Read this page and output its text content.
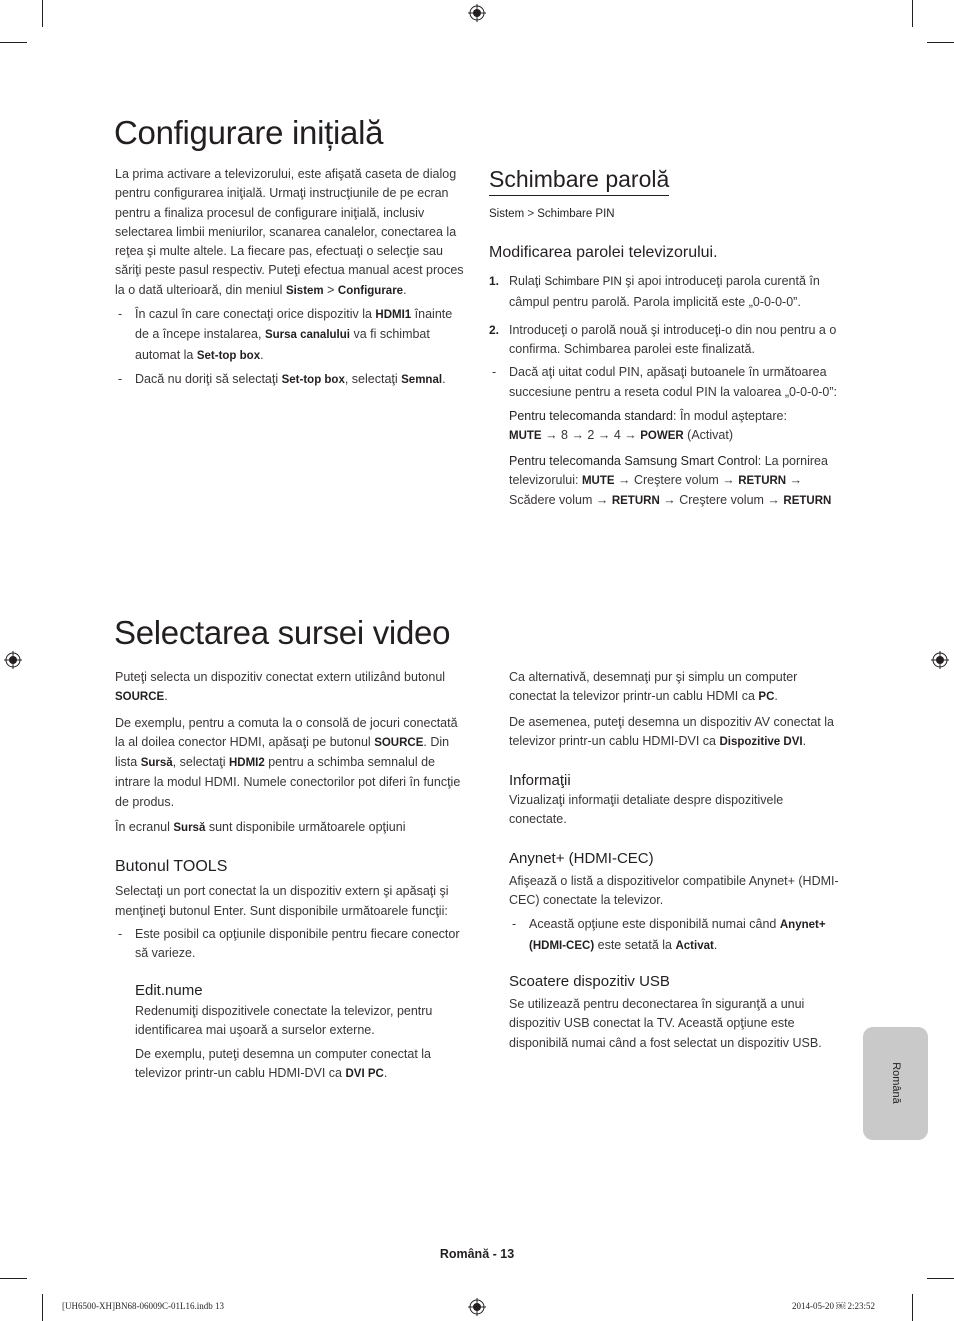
Configurare inițială

La prima activare a televizorului, este afişată caseta de dialog pentru configurarea iniţială. Urmaţi instrucţiunile de pe ecran pentru a finaliza procesul de configurare iniţială, inclusiv selectarea limbii meniurilor, scanarea canalelor, conectarea la reţea şi multe altele. La fiecare pas, efectuaţi o selecţie sau săriţi peste pasul respectiv. Puteţi efectua manual acest proces la o dată ulterioară, din meniul Sistem > Configurare.

- În cazul în care conectaţi orice dispozitiv la HDMI1 înainte de a începe instalarea, Sursa canalului va fi schimbat automat la Set-top box.

- Dacă nu doriţi să selectaţi Set-top box, selectaţi Semnal.

Schimbare parolă

Sistem > Schimbare PIN

Modificarea parolei televizorului.

1. Rulaţi Schimbare PIN şi apoi introduceţi parola curentă în câmpul pentru parolă. Parola implicită este „0-0-0-0”.

2. Introduceţi o parolă nouă şi introduceţi-o din nou pentru a o confirma. Schimbarea parolei este finalizată.

- Dacă aţi uitat codul PIN, apăsaţi butoanele în următoarea succesiune pentru a reseta codul PIN la valoarea „0-0-0-0”:

Pentru telecomanda standard: În modul aşteptare:
MUTE → 8 → 2 → 4 → POWER (Activat)

Pentru telecomanda Samsung Smart Control: La pornirea televizorului: MUTE → Creştere volum → RETURN → Scădere volum → RETURN → Creştere volum → RETURN

Selectarea sursei video

Puteţi selecta un dispozitiv conectat extern utilizând butonul SOURCE.

De exemplu, pentru a comuta la o consolă de jocuri conectată la al doilea conector HDMI, apăsaţi pe butonul SOURCE. Din lista Sursă, selectaţi HDMI2 pentru a schimba semnalul de intrare la modul HDMI. Numele conectorilor pot diferi în funcţie de produs.

În ecranul Sursă sunt disponibile următoarele opţiuni

Butonul TOOLS

Selectaţi un port conectat la un dispozitiv extern şi apăsaţi şi menţineţi butonul Enter. Sunt disponibile următoarele funcţii:

- Este posibil ca opţiunile disponibile pentru fiecare conector să varieze.

Edit.nume

Redenumiţi dispozitivele conectate la televizor, pentru identificarea mai uşoară a surselor externe.

De exemplu, puteţi desemna un computer conectat la televizor printr-un cablu HDMI-DVI ca DVI PC.

Ca alternativă, desemnaţi pur şi simplu un computer conectat la televizor printr-un cablu HDMI ca PC.

De asemenea, puteţi desemna un dispozitiv AV conectat la televizor printr-un cablu HDMI-DVI ca Dispozitive DVI.

Informaţii

Vizualizaţi informaţii detaliate despre dispozitivele conectate.

Anynet+ (HDMI-CEC)

Afişează o listă a dispozitivelor compatibile Anynet+ (HDMI-CEC) conectate la televizor.

- Această opţiune este disponibilă numai când Anynet+ (HDMI-CEC) este setată la Activat.

Scoatere dispozitiv USB

Se utilizează pentru deconectarea în siguranţă a unui dispozitiv USB conectat la TV. Această opţiune este disponibilă numai când a fost selectat un dispozitiv USB.

Română
Română - 13
[UH6500-XH]BN68-06009C-01L16.indb 13	2014-05-20 ￼ 2:23:52
